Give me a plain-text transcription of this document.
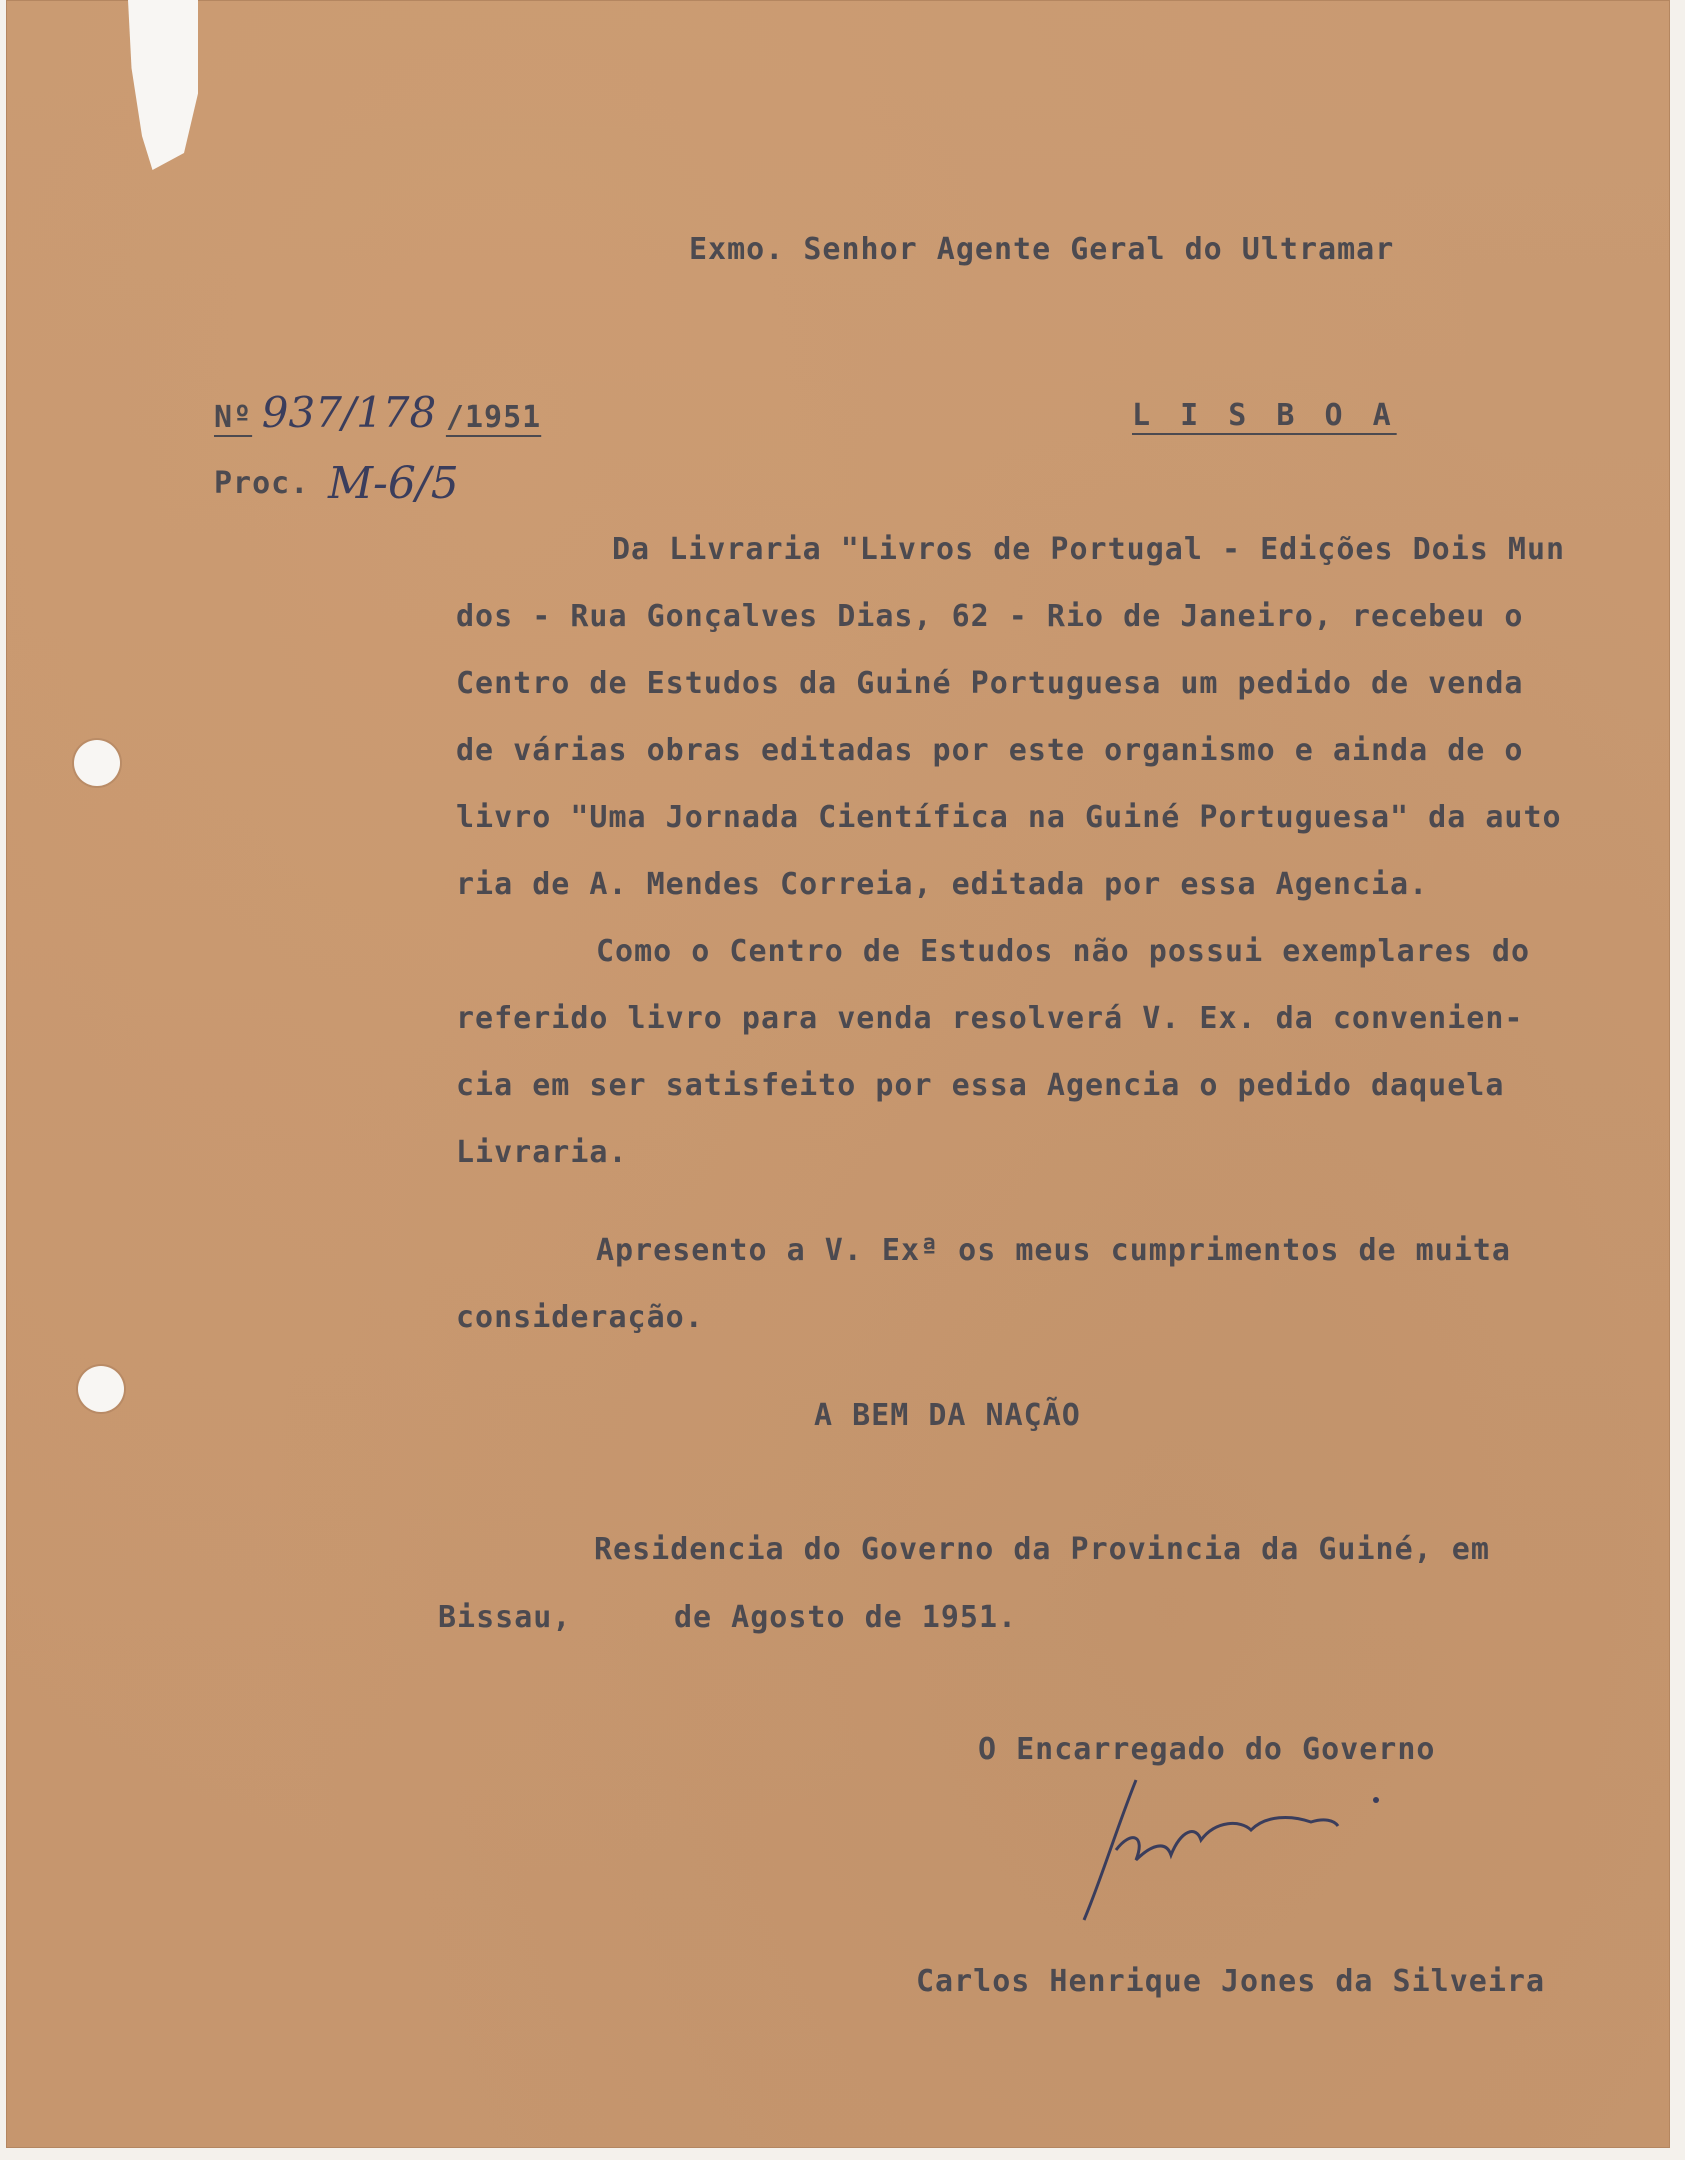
Exmo. Senhor Agente Geral do Ultramar
Nº 937/178 /1951	L I S B O A
Proc. M-6/5
Da Livraria "Livros de Portugal - Edições Dois Mun
dos - Rua Gonçalves Dias, 62 - Rio de Janeiro, recebeu o
Centro de Estudos da Guiné Portuguesa um pedido de venda
de várias obras editadas por este organismo e ainda de o
livro "Uma Jornada Científica na Guiné Portuguesa" da auto
ria de A. Mendes Correia, editada por essa Agencia.
Como o Centro de Estudos não possui exemplares do
referido livro para venda resolverá V. Ex. da convenien-
cia em ser satisfeito por essa Agencia o pedido daquela
Livraria.
Apresento a V. Exª os meus cumprimentos de muita
consideração.
A BEM DA NAÇÃO
Residencia do Governo da Provincia da Guiné, em
Bissau,	de Agosto de 1951.
O Encarregado do Governo
Carlos Henrique Jones da Silveira
